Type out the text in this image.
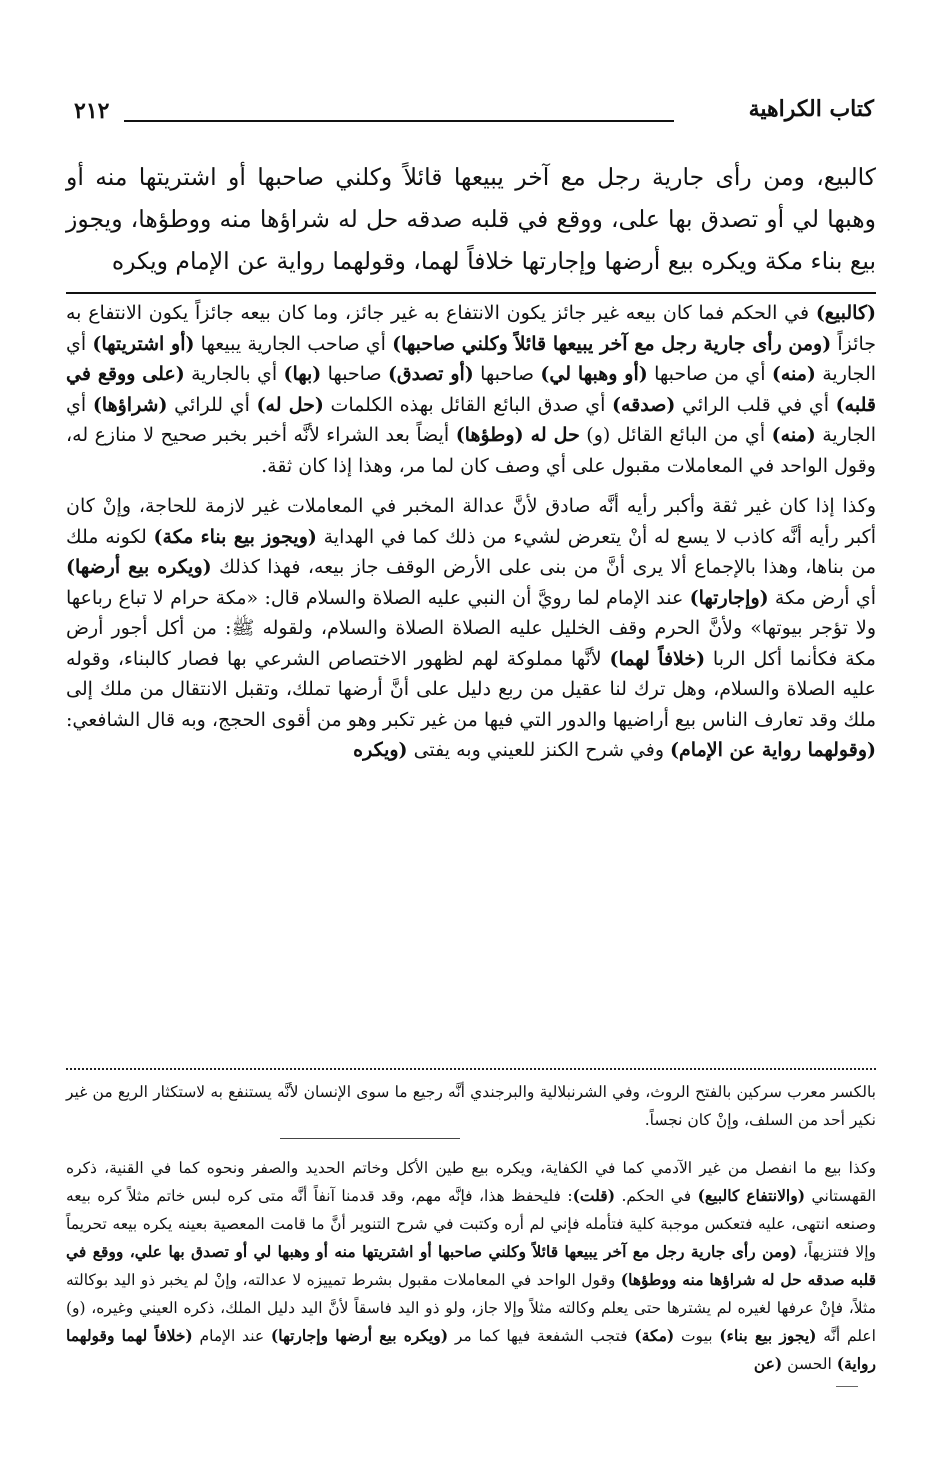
٢١٢	كتاب الكراهية

كالبيع، ومن رأى جارية رجل مع آخر يبيعها قائلاً وكلني صاحبها أو اشتريتها منه أو وهبها لي أو تصدق بها على، ووقع في قلبه صدقه حل له شراؤها منه ووطؤها، ويجوز بيع بناء مكة ويكره بيع أرضها وإجارتها خلافاً لهما، وقولهما رواية عن الإمام ويكره

(كالبيع) في الحكم فما كان بيعه غير جائز يكون الانتفاع به غير جائز، وما كان بيعه جائزاً يكون الانتفاع به جائزاً (ومن رأى جارية رجل مع آخر يبيعها قائلاً وكلني صاحبها) أي صاحب الجارية يبيعها (أو اشتريتها) أي الجارية (منه) أي من صاحبها (أو وهبها لي) صاحبها (أو تصدق) صاحبها (بها) أي بالجارية (على ووقع في قلبه) أي في قلب الرائي (صدقه) أي صدق البائع القائل بهذه الكلمات (حل له) أي للرائي (شراؤها) أي الجارية (منه) أي من البائع القائل (و) حل له (وطؤها) أيضاً بعد الشراء لأنَّه أخبر بخبر صحيح لا منازع له، وقول الواحد في المعاملات مقبول على أي وصف كان لما مر، وهذا إذا كان ثقة.

وكذا إذا كان غير ثقة وأكبر رأيه أنَّه صادق لأنَّ عدالة المخبر في المعاملات غير لازمة للحاجة، وإنْ كان أكبر رأيه أنَّه كاذب لا يسع له أنْ يتعرض لشيء من ذلك كما في الهداية (ويجوز بيع بناء مكة) لكونه ملك من بناها، وهذا بالإجماع ألا يرى أنَّ من بنى على الأرض الوقف جاز بيعه، فهذا كذلك (ويكره بيع أرضها) أي أرض مكة (وإجارتها) عند الإمام لما رويَّ أن النبي عليه الصلاة والسلام قال: «مكة حرام لا تباع رباعها ولا تؤجر بيوتها» ولأنَّ الحرم وقف الخليل عليه الصلاة الصلاة والسلام، ولقوله ﷺ: من أكل أجور أرض مكة فكأنما أكل الربا (خلافاً لهما) لأنَّها مملوكة لهم لظهور الاختصاص الشرعي بها فصار كالبناء، وقوله عليه الصلاة والسلام، وهل ترك لنا عقيل من ربع دليل على أنَّ أرضها تملك، وتقبل الانتقال من ملك إلى ملك وقد تعارف الناس بيع أراضيها والدور التي فيها من غير تكبر وهو من أقوى الحجج، وبه قال الشافعي: (وقولهما رواية عن الإمام) وفي شرح الكنز للعيني وبه يفتى (ويكره

بالكسر معرب سركين بالفتح الروث، وفي الشرنبلالية والبرجندي أنَّه رجيع ما سوى الإنسان لأنَّه يستنفع به لاستكثار الريع من غير نكير أحد من السلف، وإنْ كان نجساً.

وكذا بيع ما انفصل من غير الآدمي كما في الكفاية، ويكره بيع طين الأكل وخاتم الحديد والصفر ونحوه كما في القنية، ذكره القهستاني (والانتفاع كالبيع) في الحكم. (قلت): فليحفظ هذا، فإنَّه مهم، وقد قدمنا آنفاً أنَّه متى كره لبس خاتم مثلاً كره بيعه وصنعه انتهى، عليه فتعكس موجبة كلية فتأمله فإني لم أره وكتبت في شرح التنوير أنَّ ما قامت المعصية بعينه يكره بيعه تحريماً وإلا فتنزيهاً، (ومن رأى جارية رجل مع آخر يبيعها قائلاً وكلني صاحبها أو اشتريتها منه أو وهبها لي أو تصدق بها علي، ووقع في قلبه صدقه حل له شراؤها منه ووطؤها) وقول الواحد في المعاملات مقبول بشرط تمييزه لا عدالته، وإنْ لم يخبر ذو اليد بوكالته مثلاً، فإنْ عرفها لغيره لم يشترها حتى يعلم وكالته مثلاً وإلا جاز، ولو ذو اليد فاسقاً لأنَّ اليد دليل الملك، ذكره العيني وغيره، (و) اعلم أنَّه (يجوز بيع بناء) بيوت (مكة) فتجب الشفعة فيها كما مر (ويكره بيع أرضها وإجارتها) عند الإمام (خلافاً لهما وقولهما رواية) الحسن (عن
